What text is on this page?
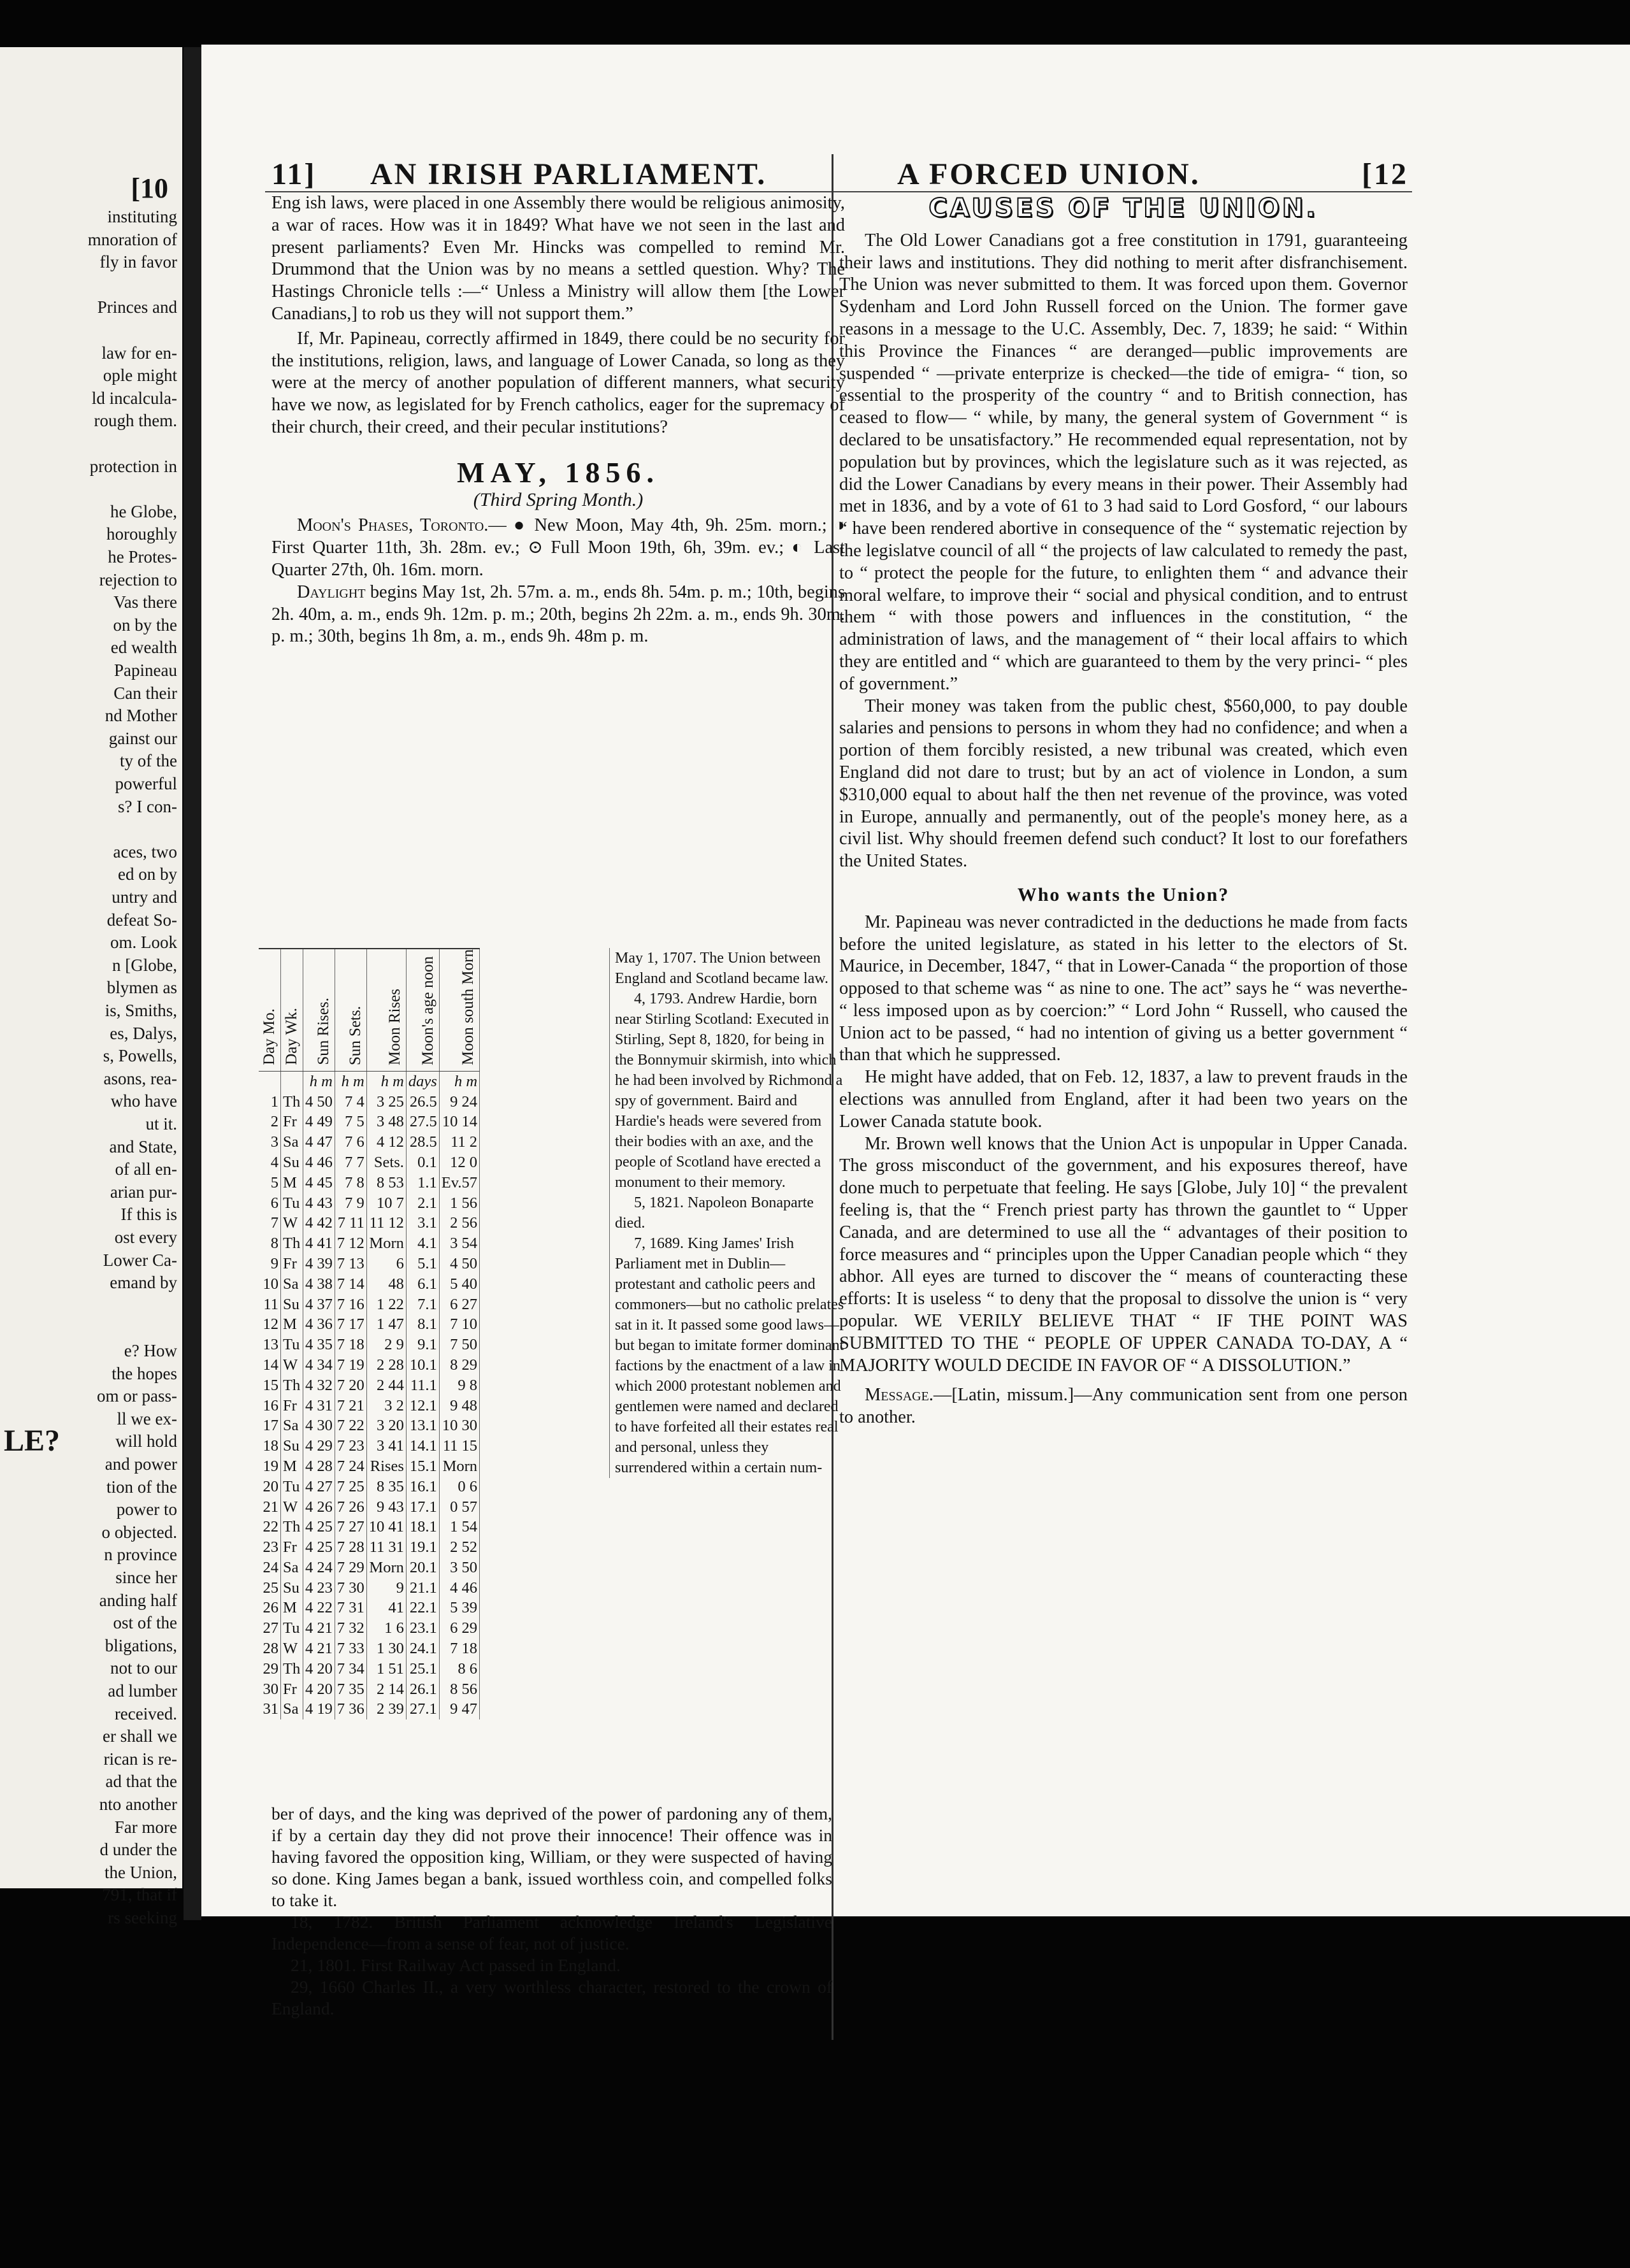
[10
instituting
mnoration of
fly in favor
Princes and
law for en-
ople might
ld incalcula-
rough them.
protection in
he Globe,
horoughly
he Protes-
rejection to
Vas there
on by the
ed wealth
Papineau
Can their
nd Mother
gainst our
ty of the
powerful
s? I con-
aces, two
ed on by
untry and
defeat So-
om. Look
n [Globe,
blymen as
is, Smiths,
es, Dalys,
s, Powells,
asons, rea-
who have
ut it.
and State,
of all en-
arian pur-
If this is
ost every
Lower Ca-
emand by
e? How
the hopes
om or pass-
ll we ex-
will hold
and power
tion of the
power to
o objected.
n province
since her
anding half
ost of the
bligations,
not to our
ad lumber
received.
er shall we
rican is re-
ad that the
nto another
Far more
d under the
the Union,
791, that if
rs seeking
LE?
11] AN IRISH PARLIAMENT.	A FORCED UNION.	[12

Eng ish laws, were placed in one Assembly there would be religious animosity, a war of races. How was it in 1849? What have we not seen in the last and present parliaments? Even Mr. Hincks was compelled to remind Mr. Drummond that the Union was by no means a settled question. Why? The Hastings Chronicle tells :—“ Unless a Ministry will allow them [the Lower Canadians,] to rob us they will not support them.”

If, Mr. Papineau, correctly affirmed in 1849, there could be no security for the institutions, religion, laws, and language of Lower Canada, so long as they were at the mercy of another population of different manners, what security have we now, as legislated for by French catholics, eager for the supremacy of their church, their creed, and their pecular institutions?

MAY, 1856.
(Third Spring Month.)

Moon's Phases, Toronto.— ● New Moon, May 4th, 9h. 25m. morn.; ◑ First Quarter 11th, 3h. 28m. ev.; ⊙ Full Moon 19th, 6h, 39m. ev.; ◐ Last Quarter 27th, 0h. 16m. morn.

Daylight begins May 1st, 2h. 57m. a. m., ends 8h. 54m. p. m.; 10th, begins 2h. 40m, a. m., ends 9h. 12m. p. m.; 20th, begins 2h 22m. a. m., ends 9h. 30m. p. m.; 30th, begins 1h 8m, a. m., ends 9h. 48m p. m.

Day Mo.	Day Wk.	Sun Rises.	Sun Sets.	Moon Rises	Moon's age noon	Moon south Morn
		h m	h m	h m	days	h m
1	Th	4 50	7 4	3 25	26.5	9 24
2	Fr	4 49	7 5	3 48	27.5	10 14
3	Sa	4 47	7 6	4 12	28.5	11 2
4	Su	4 46	7 7	Sets.	0.1	12 0
5	M	4 45	7 8	8 53	1.1	Ev.57
6	Tu	4 43	7 9	10 7	2.1	1 56
7	W	4 42	7 11	11 12	3.1	2 56
8	Th	4 41	7 12	Morn	4.1	3 54
9	Fr	4 39	7 13	6	5.1	4 50
10	Sa	4 38	7 14	48	6.1	5 40
11	Su	4 37	7 16	1 22	7.1	6 27
12	M	4 36	7 17	1 47	8.1	7 10
13	Tu	4 35	7 18	2 9	9.1	7 50
14	W	4 34	7 19	2 28	10.1	8 29
15	Th	4 32	7 20	2 44	11.1	9 8
16	Fr	4 31	7 21	3 2	12.1	9 48
17	Sa	4 30	7 22	3 20	13.1	10 30
18	Su	4 29	7 23	3 41	14.1	11 15
19	M	4 28	7 24	Rises	15.1	Morn
20	Tu	4 27	7 25	8 35	16.1	0 6
21	W	4 26	7 26	9 43	17.1	0 57
22	Th	4 25	7 27	10 41	18.1	1 54
23	Fr	4 25	7 28	11 31	19.1	2 52
24	Sa	4 24	7 29	Morn	20.1	3 50
25	Su	4 23	7 30	9	21.1	4 46
26	M	4 22	7 31	41	22.1	5 39
27	Tu	4 21	7 32	1 6	23.1	6 29
28	W	4 21	7 33	1 30	24.1	7 18
29	Th	4 20	7 34	1 51	25.1	8 6
30	Fr	4 20	7 35	2 14	26.1	8 56
31	Sa	4 19	7 36	2 39	27.1	9 47

May 1, 1707. The Union between England and Scotland became law.

4, 1793. Andrew Hardie, born near Stirling Scotland: Executed in Stirling, Sept 8, 1820, for being in the Bonnymuir skirmish, into which he had been involved by Richmond a spy of government. Baird and Hardie's heads were severed from their bodies with an axe, and the people of Scotland have erected a monument to their memory.

5, 1821. Napoleon Bonaparte died.

7, 1689. King James' Irish Parliament met in Dublin—protestant and catholic peers and commoners—but no catholic prelates sat in it. It passed some good laws—but began to imitate former dominant factions by the enactment of a law in which 2000 protestant noblemen and gentlemen were named and declared to have forfeited all their estates real and personal, unless they surrendered within a certain num-

ber of days, and the king was deprived of the power of pardoning any of them, if by a certain day they did not prove their innocence! Their offence was in having favored the opposition king, William, or they were suspected of having so done. King James began a bank, issued worthless coin, and compelled folks to take it.

18, 1782. British Parliament acknowledge Ireland's Legislative Independence—from a sense of fear, not of justice.

21, 1801. First Railway Act passed in England.

29, 1660 Charles II., a very worthless character, restored to the crown of England.

CAUSES OF THE UNION.

The Old Lower Canadians got a free constitution in 1791, guaranteeing their laws and institutions. They did nothing to merit after disfranchisement. The Union was never submitted to them. It was forced upon them. Governor Sydenham and Lord John Russell forced on the Union. The former gave reasons in a message to the U.C. Assembly, Dec. 7, 1839; he said: “ Within this Province the Finances “ are deranged—public improvements are suspended “ —private enterprize is checked—the tide of emigra- “ tion, so essential to the prosperity of the country “ and to British connection, has ceased to flow— “ while, by many, the general system of Government “ is declared to be unsatisfactory.” He recommended equal representation, not by population but by provinces, which the legislature such as it was rejected, as did the Lower Canadians by every means in their power. Their Assembly had met in 1836, and by a vote of 61 to 3 had said to Lord Gosford, “ our labours “ have been rendered abortive in consequence of the “ systematic rejection by the legislatve council of all “ the projects of law calculated to remedy the past, to “ protect the people for the future, to enlighten them “ and advance their moral welfare, to improve their “ social and physical condition, and to entrust them “ with those powers and influences in the constitution, “ the administration of laws, and the management of “ their local affairs to which they are entitled and “ which are guaranteed to them by the very princi- “ ples of government.”

Their money was taken from the public chest, $560,000, to pay double salaries and pensions to persons in whom they had no confidence; and when a portion of them forcibly resisted, a new tribunal was created, which even England did not dare to trust; but by an act of violence in London, a sum $310,000 equal to about half the then net revenue of the province, was voted in Europe, annually and permanently, out of the people's money here, as a civil list. Why should freemen defend such conduct? It lost to our forefathers the United States.

Who wants the Union?

Mr. Papineau was never contradicted in the deductions he made from facts before the united legislature, as stated in his letter to the electors of St. Maurice, in December, 1847, “ that in Lower-Canada “ the proportion of those opposed to that scheme was “ as nine to one. The act” says he “ was neverthe- “ less imposed upon as by coercion:” “ Lord John “ Russell, who caused the Union act to be passed, “ had no intention of giving us a better government “ than that which he suppressed.

He might have added, that on Feb. 12, 1837, a law to prevent frauds in the elections was annulled from England, after it had been two years on the Lower Canada statute book.

Mr. Brown well knows that the Union Act is unpopular in Upper Canada. The gross misconduct of the government, and his exposures thereof, have done much to perpetuate that feeling. He says [Globe, July 10] “ the prevalent feeling is, that the “ French priest party has thrown the gauntlet to “ Upper Canada, and are determined to use all the “ advantages of their position to force measures and “ principles upon the Upper Canadian people which “ they abhor. All eyes are turned to discover the “ means of counteracting these efforts: It is useless “ to deny that the proposal to dissolve the union is “ very popular. WE VERILY BELIEVE THAT “ IF THE POINT WAS SUBMITTED TO THE “ PEOPLE OF UPPER CANADA TO-DAY, A “ MAJORITY WOULD DECIDE IN FAVOR OF “ A DISSOLUTION.”

Message.—[Latin, missum.]—Any communication sent from one person to another.
